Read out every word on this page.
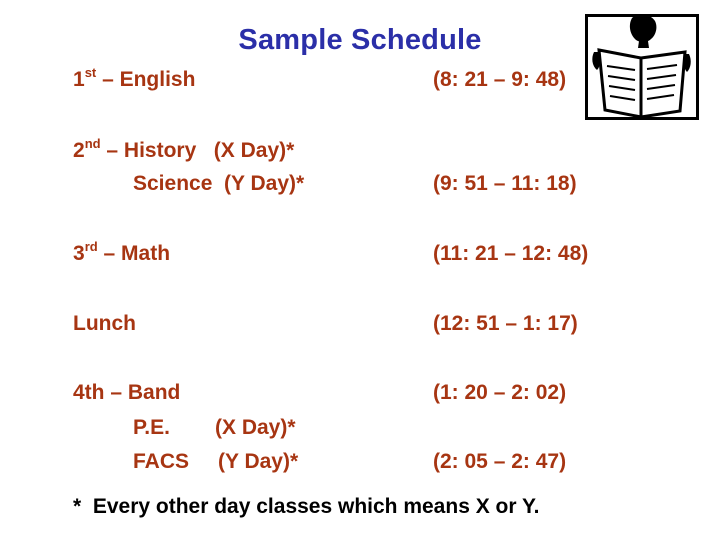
Sample Schedule
1st – English	(8: 21 – 9: 48)
2nd – History   (X Day)*
Science  (Y Day)*	(9: 51 – 11: 18)
3rd – Math	(11: 21 – 12: 48)
Lunch	(12: 51 – 1: 17)
4th – Band	(1: 20 – 2: 02)
P.E. (X Day)*
FACS (Y Day)*	(2: 05 – 2: 47)
*  Every other day classes which means X or Y.
